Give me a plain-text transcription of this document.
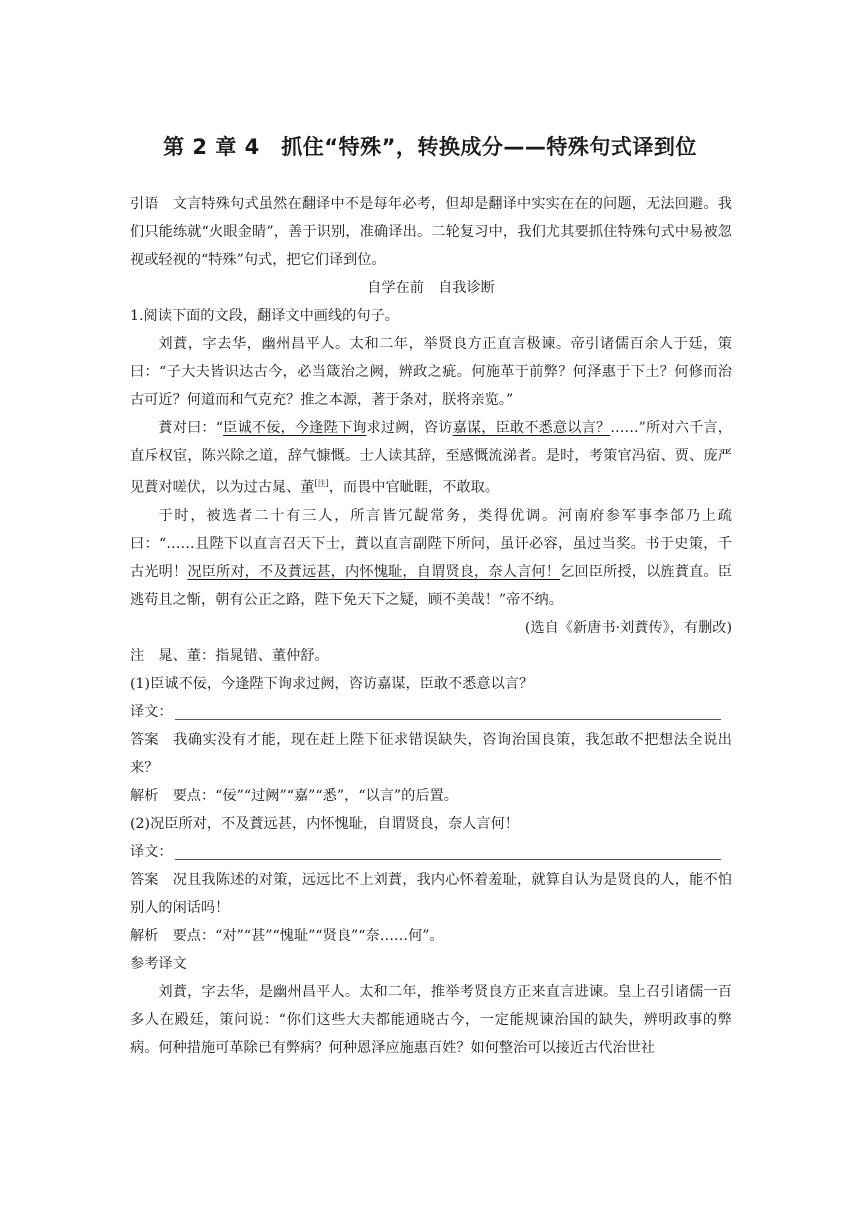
第 2 章 4　抓住“特殊”，转换成分——特殊句式译到位

引语 文言特殊句式虽然在翻译中不是每年必考，但却是翻译中实实在在的问题，无法回避。我们只能练就“火眼金睛”，善于识别，准确译出。二轮复习中，我们尤其要抓住特殊句式中易被忽视或轻视的“特殊”句式，把它们译到位。

自学在前　自我诊断

1.阅读下面的文段，翻译文中画线的句子。

刘蕡，字去华，幽州昌平人。太和二年，举贤良方正直言极谏。帝引诸儒百余人于廷，策曰：“子大夫皆识达古今，必当箴治之阙，辨政之疵。何施革于前弊？何泽惠于下土？何修而治古可近？何道而和气克充？推之本源，著于条对，朕将亲览。”

蕡对曰：“臣诚不佞，今逢陛下询求过阙，咨访嘉谋，臣敢不悉意以言？……”所对六千言，直斥权宦，陈兴除之道，辞气慷慨。士人读其辞，至感慨流涕者。是时，考策官冯宿、贾、庞严见蕡对嗟伏，以为过古晁、董[注]，而畏中官眦睚，不敢取。

于时，被选者二十有三人，所言皆冗龊常务，类得优调。河南府参军事李郃乃上疏曰：“……且陛下以直言召天下士，蕡以直言副陛下所问，虽讦必容，虽过当奖。书于史策，千古光明！况臣所对，不及蕡远甚，内怀愧耻，自谓贤良，奈人言何！乞回臣所授，以旌蕡直。臣逃苟且之惭，朝有公正之路，陛下免天下之疑，顾不美哉！”帝不纳。

(选自《新唐书·刘蕡传》，有删改)

注　晁、董：指晁错、董仲舒。

(1)臣诚不佞，今逢陛下询求过阙，咨访嘉谋，臣敢不悉意以言？

译文：

答案 我确实没有才能，现在赶上陛下征求错误缺失，咨询治国良策，我怎敢不把想法全说出来？

解析 要点：“佞”“过阙”“嘉”“悉”，“以言”的后置。

(2)况臣所对，不及蕡远甚，内怀愧耻，自谓贤良，奈人言何！

译文：

答案 况且我陈述的对策，远远比不上刘蕡，我内心怀着羞耻，就算自认为是贤良的人，能不怕别人的闲话吗！

解析 要点：“对”“甚”“愧耻”“贤良”“奈……何”。

参考译文

刘蕡，字去华，是幽州昌平人。太和二年，推举考贤良方正来直言进谏。皇上召引诸儒一百多人在殿廷，策问说：“你们这些大夫都能通晓古今，一定能规谏治国的缺失，辨明政事的弊病。何种措施可革除已有弊病？何种恩泽应施惠百姓？如何整治可以接近古代治世社
